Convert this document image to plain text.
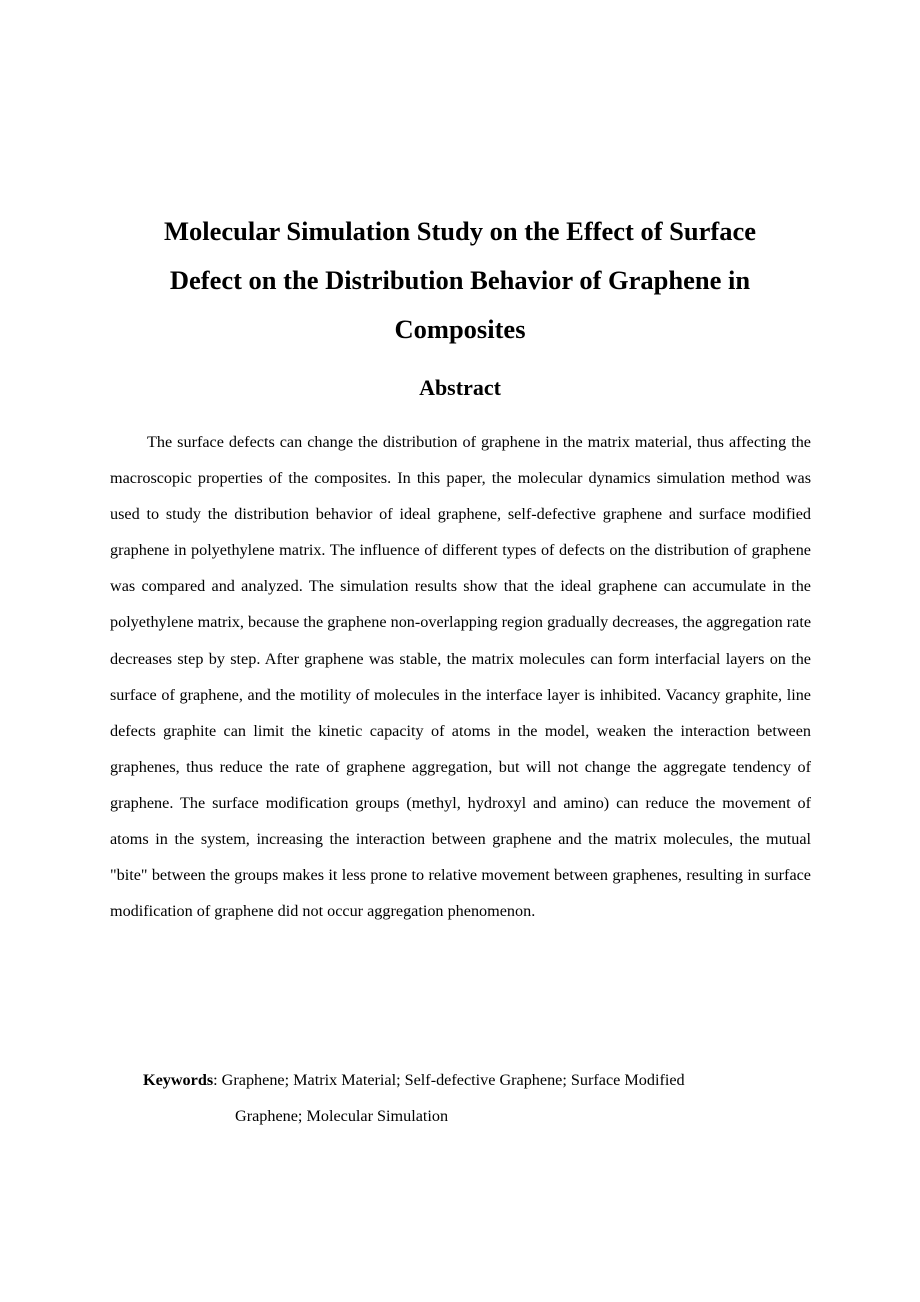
Molecular Simulation Study on the Effect of Surface
Defect on the Distribution Behavior of Graphene in
Composites
Abstract

The surface defects can change the distribution of graphene in the matrix material, thus affecting the macroscopic properties of the composites. In this paper, the molecular dynamics simulation method was used to study the distribution behavior of ideal graphene, self-defective graphene and surface modified graphene in polyethylene matrix. The influence of different types of defects on the distribution of graphene was compared and analyzed. The simulation results show that the ideal graphene can accumulate in the polyethylene matrix, because the graphene non-overlapping region gradually decreases, the aggregation rate decreases step by step. After graphene was stable, the matrix molecules can form interfacial layers on the surface of graphene, and the motility of molecules in the interface layer is inhibited. Vacancy graphite, line defects graphite can limit the kinetic capacity of atoms in the model, weaken the interaction between graphenes, thus reduce the rate of graphene aggregation, but will not change the aggregate tendency of graphene. The surface modification groups (methyl, hydroxyl and amino) can reduce the movement of atoms in the system, increasing the interaction between graphene and the matrix molecules, the mutual "bite" between the groups makes it less prone to relative movement between graphenes, resulting in surface modification of graphene did not occur aggregation phenomenon.

Keywords: Graphene; Matrix Material; Self-defective Graphene; Surface Modified
Graphene; Molecular Simulation
